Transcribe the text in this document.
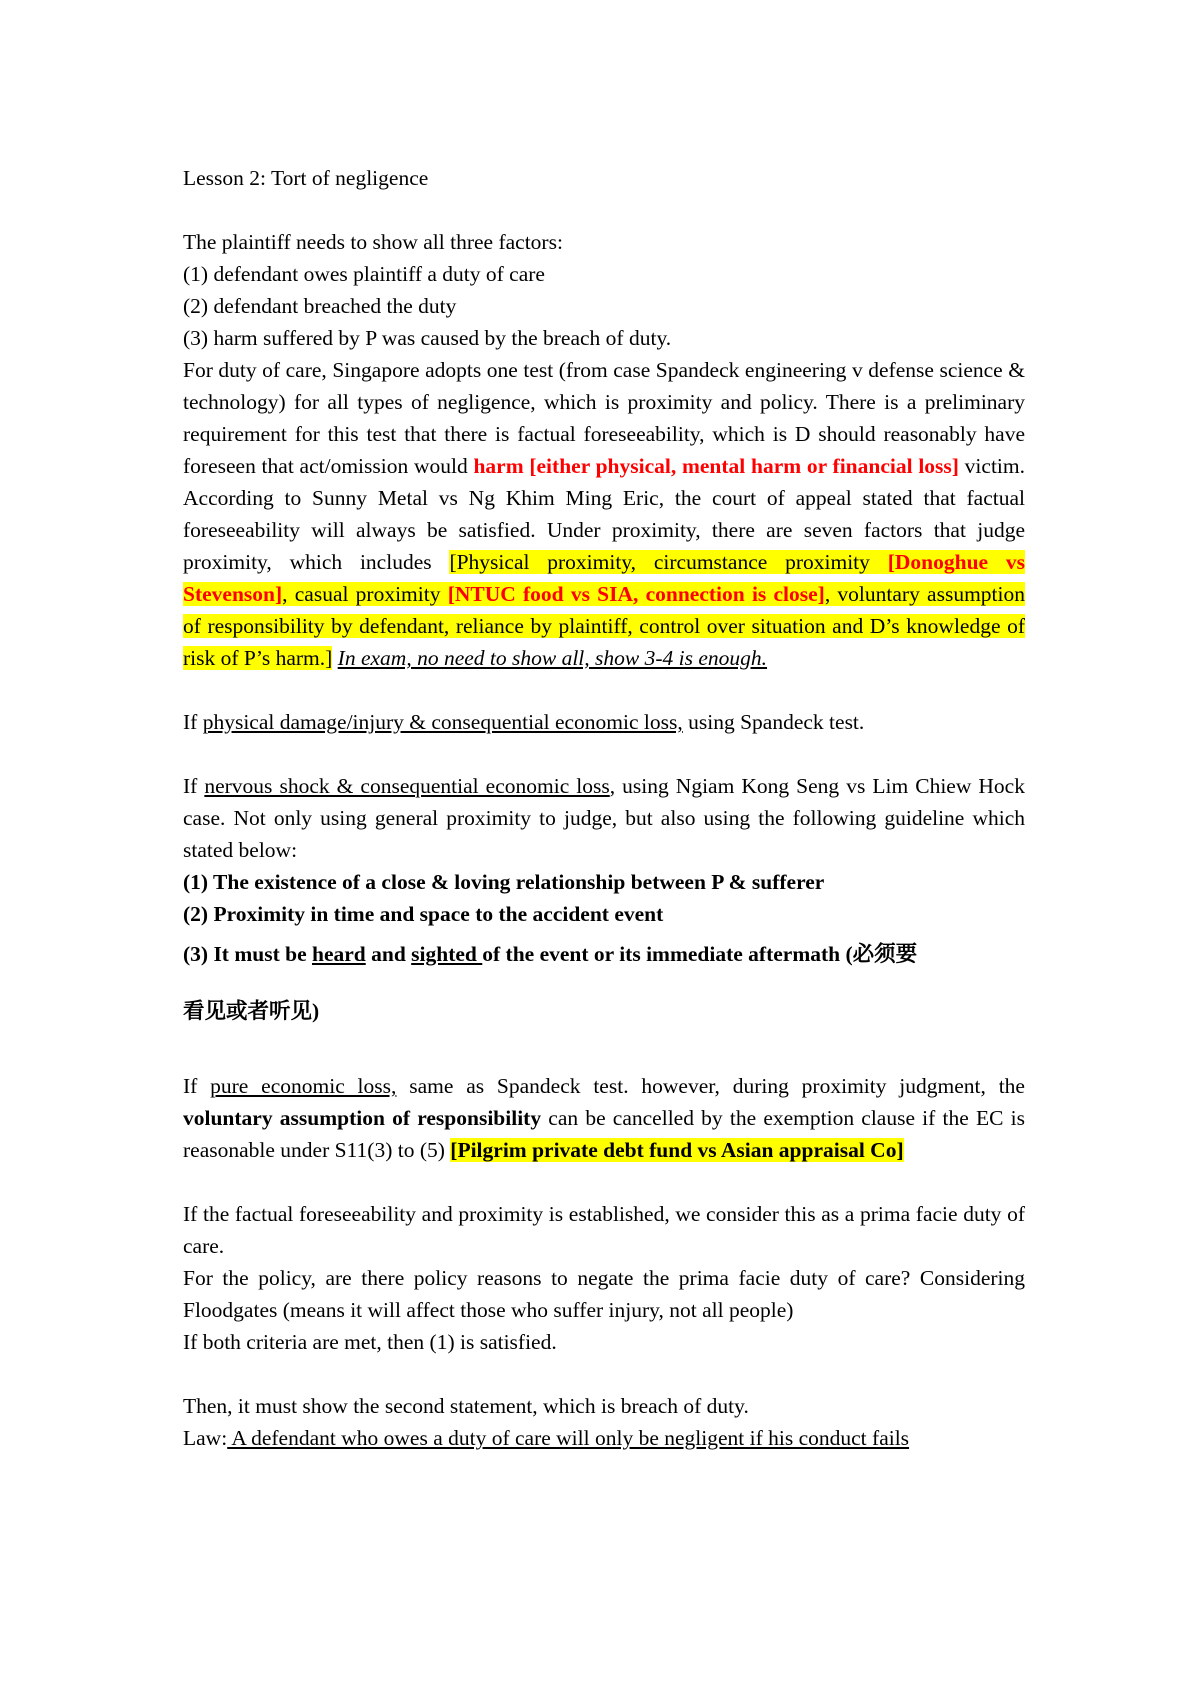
Lesson 2: Tort of negligence

The plaintiff needs to show all three factors:

(1) defendant owes plaintiff a duty of care

(2) defendant breached the duty

(3) harm suffered by P was caused by the breach of duty.

For duty of care, Singapore adopts one test (from case Spandeck engineering v defense science & technology) for all types of negligence, which is proximity and policy. There is a preliminary requirement for this test that there is factual foreseeability, which is D should reasonably have foreseen that act/omission would harm [either physical, mental harm or financial loss] victim. According to Sunny Metal vs Ng Khim Ming Eric, the court of appeal stated that factual foreseeability will always be satisfied. Under proximity, there are seven factors that judge proximity, which includes [Physical proximity, circumstance proximity [Donoghue vs Stevenson], casual proximity [NTUC food vs SIA, connection is close], voluntary assumption of responsibility by defendant, reliance by plaintiff, control over situation and D’s knowledge of risk of P’s harm.] In exam, no need to show all, show 3-4 is enough.

If physical damage/injury & consequential economic loss, using Spandeck test.

If nervous shock & consequential economic loss, using Ngiam Kong Seng vs Lim Chiew Hock case. Not only using general proximity to judge, but also using the following guideline which stated below:

(1) The existence of a close & loving relationship between P & sufferer

(2) Proximity in time and space to the accident event

(3) It must be heard and sighted of the event or its immediate aftermath (必须要

看见或者听见)

If pure economic loss, same as Spandeck test. however, during proximity judgment, the voluntary assumption of responsibility can be cancelled by the exemption clause if the EC is reasonable under S11(3) to (5) [Pilgrim private debt fund vs Asian appraisal Co]

If the factual foreseeability and proximity is established, we consider this as a prima facie duty of care.

For the policy, are there policy reasons to negate the prima facie duty of care? Considering Floodgates (means it will affect those who suffer injury, not all people)

If both criteria are met, then (1) is satisfied.

Then, it must show the second statement, which is breach of duty.

Law: A defendant who owes a duty of care will only be negligent if his conduct fails
